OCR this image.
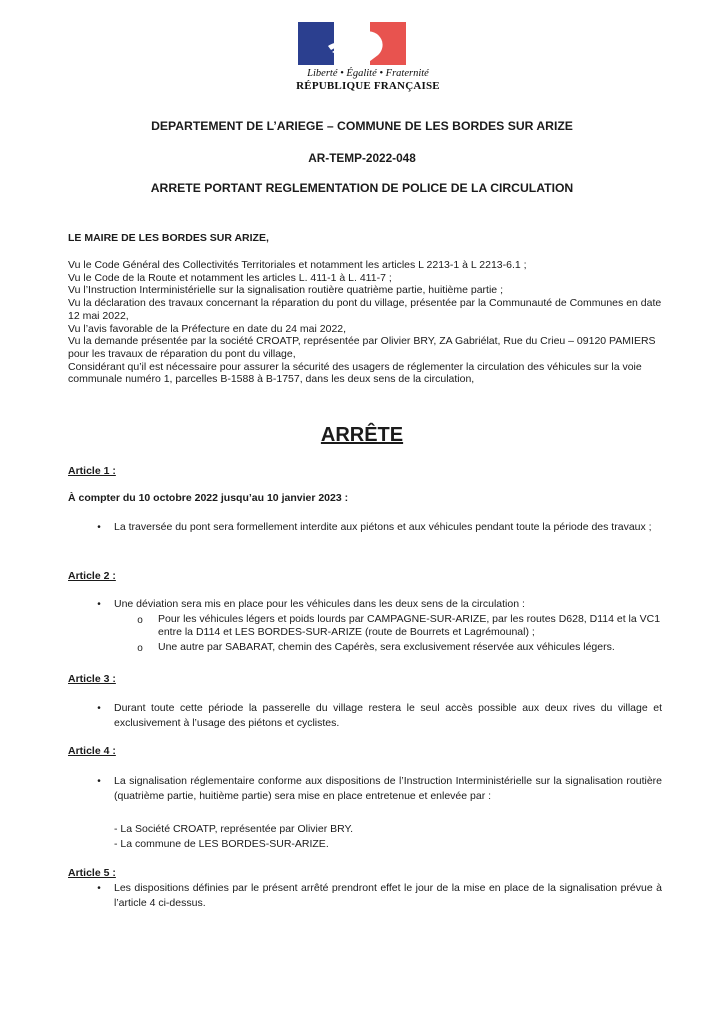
Liberté • Égalité • Fraternité
RÉPUBLIQUE FRANÇAISE
DEPARTEMENT DE L’ARIEGE – COMMUNE DE LES BORDES SUR ARIZE
AR-TEMP-2022-048
ARRETE PORTANT REGLEMENTATION DE POLICE DE LA CIRCULATION
LE MAIRE DE LES BORDES SUR ARIZE,

Vu le Code Général des Collectivités Territoriales et notamment les articles L 2213-1 à L 2213-6.1 ;

Vu le Code de la Route et notamment les articles L. 411-1 à L. 411-7 ;

Vu l’Instruction Interministérielle sur la signalisation routière quatrième partie, huitième partie ;

Vu la déclaration des travaux concernant la réparation du pont du village, présentée par la Communauté de Communes en date 12 mai 2022,

Vu l’avis favorable de la Préfecture en date du 24 mai 2022,

Vu la demande présentée par la société CROATP, représentée par Olivier BRY, ZA Gabriélat, Rue du Crieu – 09120 PAMIERS pour les travaux de réparation du pont du village,

Considérant qu’il est nécessaire pour assurer la sécurité des usagers de réglementer la circulation des véhicules sur la voie communale numéro 1, parcelles B-1588 à B-1757, dans les deux sens de la circulation,

ARRÊTE
Article 1 :
À compter du 10 octobre 2022 jusqu’au 10 janvier 2023 :
•	La traversée du pont sera formellement interdite aux piétons et aux véhicules pendant toute la période des travaux ;
Article 2 :
•	Une déviation sera mis en place pour les véhicules dans les deux sens de la circulation :
o	Pour les véhicules légers et poids lourds par CAMPAGNE-SUR-ARIZE, par les routes D628, D114 et la VC1 entre la D114 et LES BORDES-SUR-ARIZE (route de Bourrets et Lagrémounal) ;
o	Une autre par SABARAT, chemin des Capérès, sera exclusivement réservée aux véhicules légers.
Article 3 :
•	Durant toute cette période la passerelle du village restera le seul accès possible aux deux rives du village et exclusivement à l’usage des piétons et cyclistes.
Article 4 :
•	La signalisation réglementaire conforme aux dispositions de l’Instruction Interministérielle sur la signalisation routière (quatrième partie, huitième partie) sera mise en place entretenue et enlevée par :
- La Société CROATP, représentée par Olivier BRY.
- La commune de LES BORDES-SUR-ARIZE.
Article 5 :
•	Les dispositions définies par le présent arrêté prendront effet le jour de la mise en place de la signalisation prévue à l’article 4 ci-dessus.
